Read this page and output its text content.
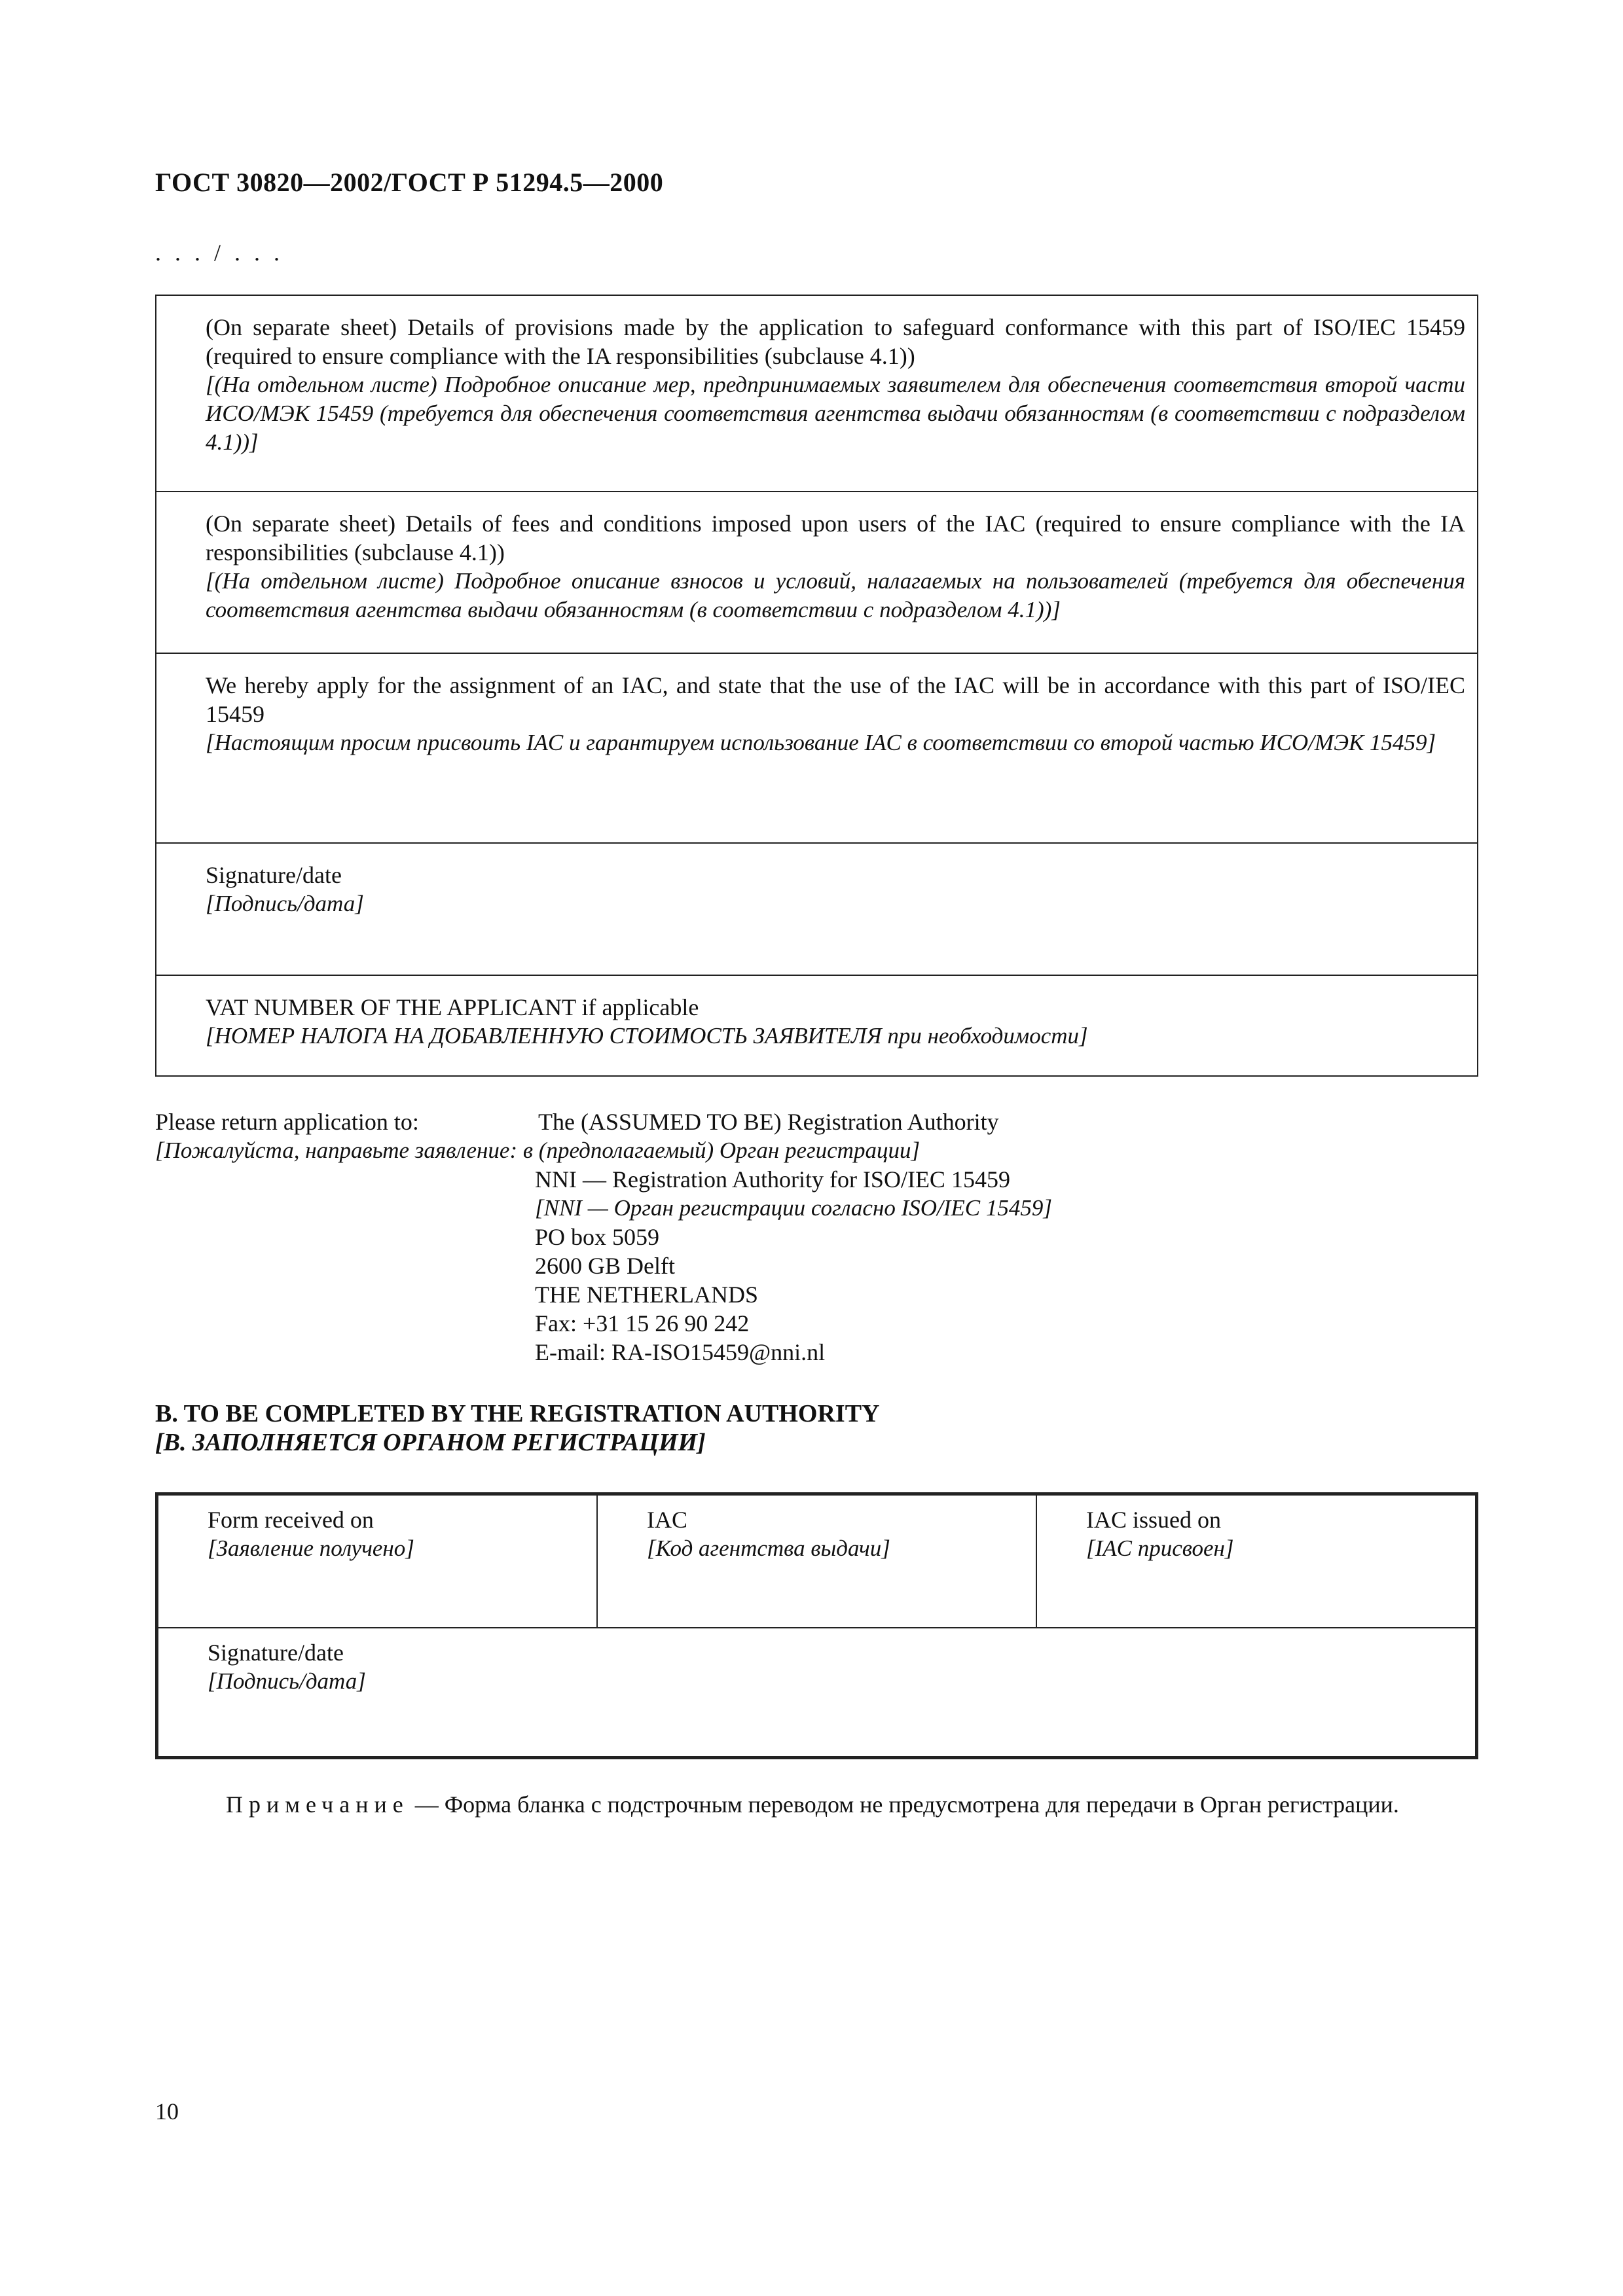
ГОСТ 30820—2002/ГОСТ Р 51294.5—2000
. . . / . . .
(On separate sheet) Details of provisions made by the application to safeguard conformance with this part of ISO/IEC 15459 (required to ensure compliance with the IA responsibilities (subclause 4.1))
[(На отдельном листе) Подробное описание мер, предпринимаемых заявителем для обеспечения соответствия второй части ИСО/МЭК 15459 (требуется для обеспечения соответствия агентства выдачи обязанностям (в соответствии с подразделом 4.1))]
(On separate sheet) Details of fees and conditions imposed upon users of the IAC (required to ensure compliance with the IA responsibilities (subclause 4.1))
[(На отдельном листе) Подробное описание взносов и условий, налагаемых на пользователей (требуется для обеспечения соответствия агентства выдачи обязанностям (в соответствии с подразделом 4.1))]
We hereby apply for the assignment of an IAC, and state that the use of the IAC will be in accordance with this part of ISO/IEC 15459
[Настоящим просим присвоить IAC и гарантируем использование IAC в соответствии со второй частью ИСО/МЭК 15459]
Signature/date
[Подпись/дата]
VAT NUMBER OF THE APPLICANT if applicable
[НОМЕР НАЛОГА НА ДОБАВЛЕННУЮ СТОИМОСТЬ ЗАЯВИТЕЛЯ при необходимости]
Please return application to:	The (ASSUMED TO BE) Registration Authority
[Пожалуйста, направьте заявление: в (предполагаемый) Орган регистрации]
NNI — Registration Authority for ISO/IEC 15459
[NNI — Орган регистрации согласно ISO/IEC 15459]
PO box 5059
2600 GB Delft
THE NETHERLANDS
Fax: +31 15 26 90 242
E-mail: RA-ISO15459@nni.nl
B. TO BE COMPLETED BY THE REGISTRATION AUTHORITY
[В. ЗАПОЛНЯЕТСЯ ОРГАНОМ РЕГИСТРАЦИИ]
Form received on
[Заявление получено]
IAC
[Код агентства выдачи]
IAC issued on
[IAC присвоен]
Signature/date
[Подпись/дата]
Примечание — Форма бланка с подстрочным переводом не предусмотрена для передачи в Орган регистрации.
10
